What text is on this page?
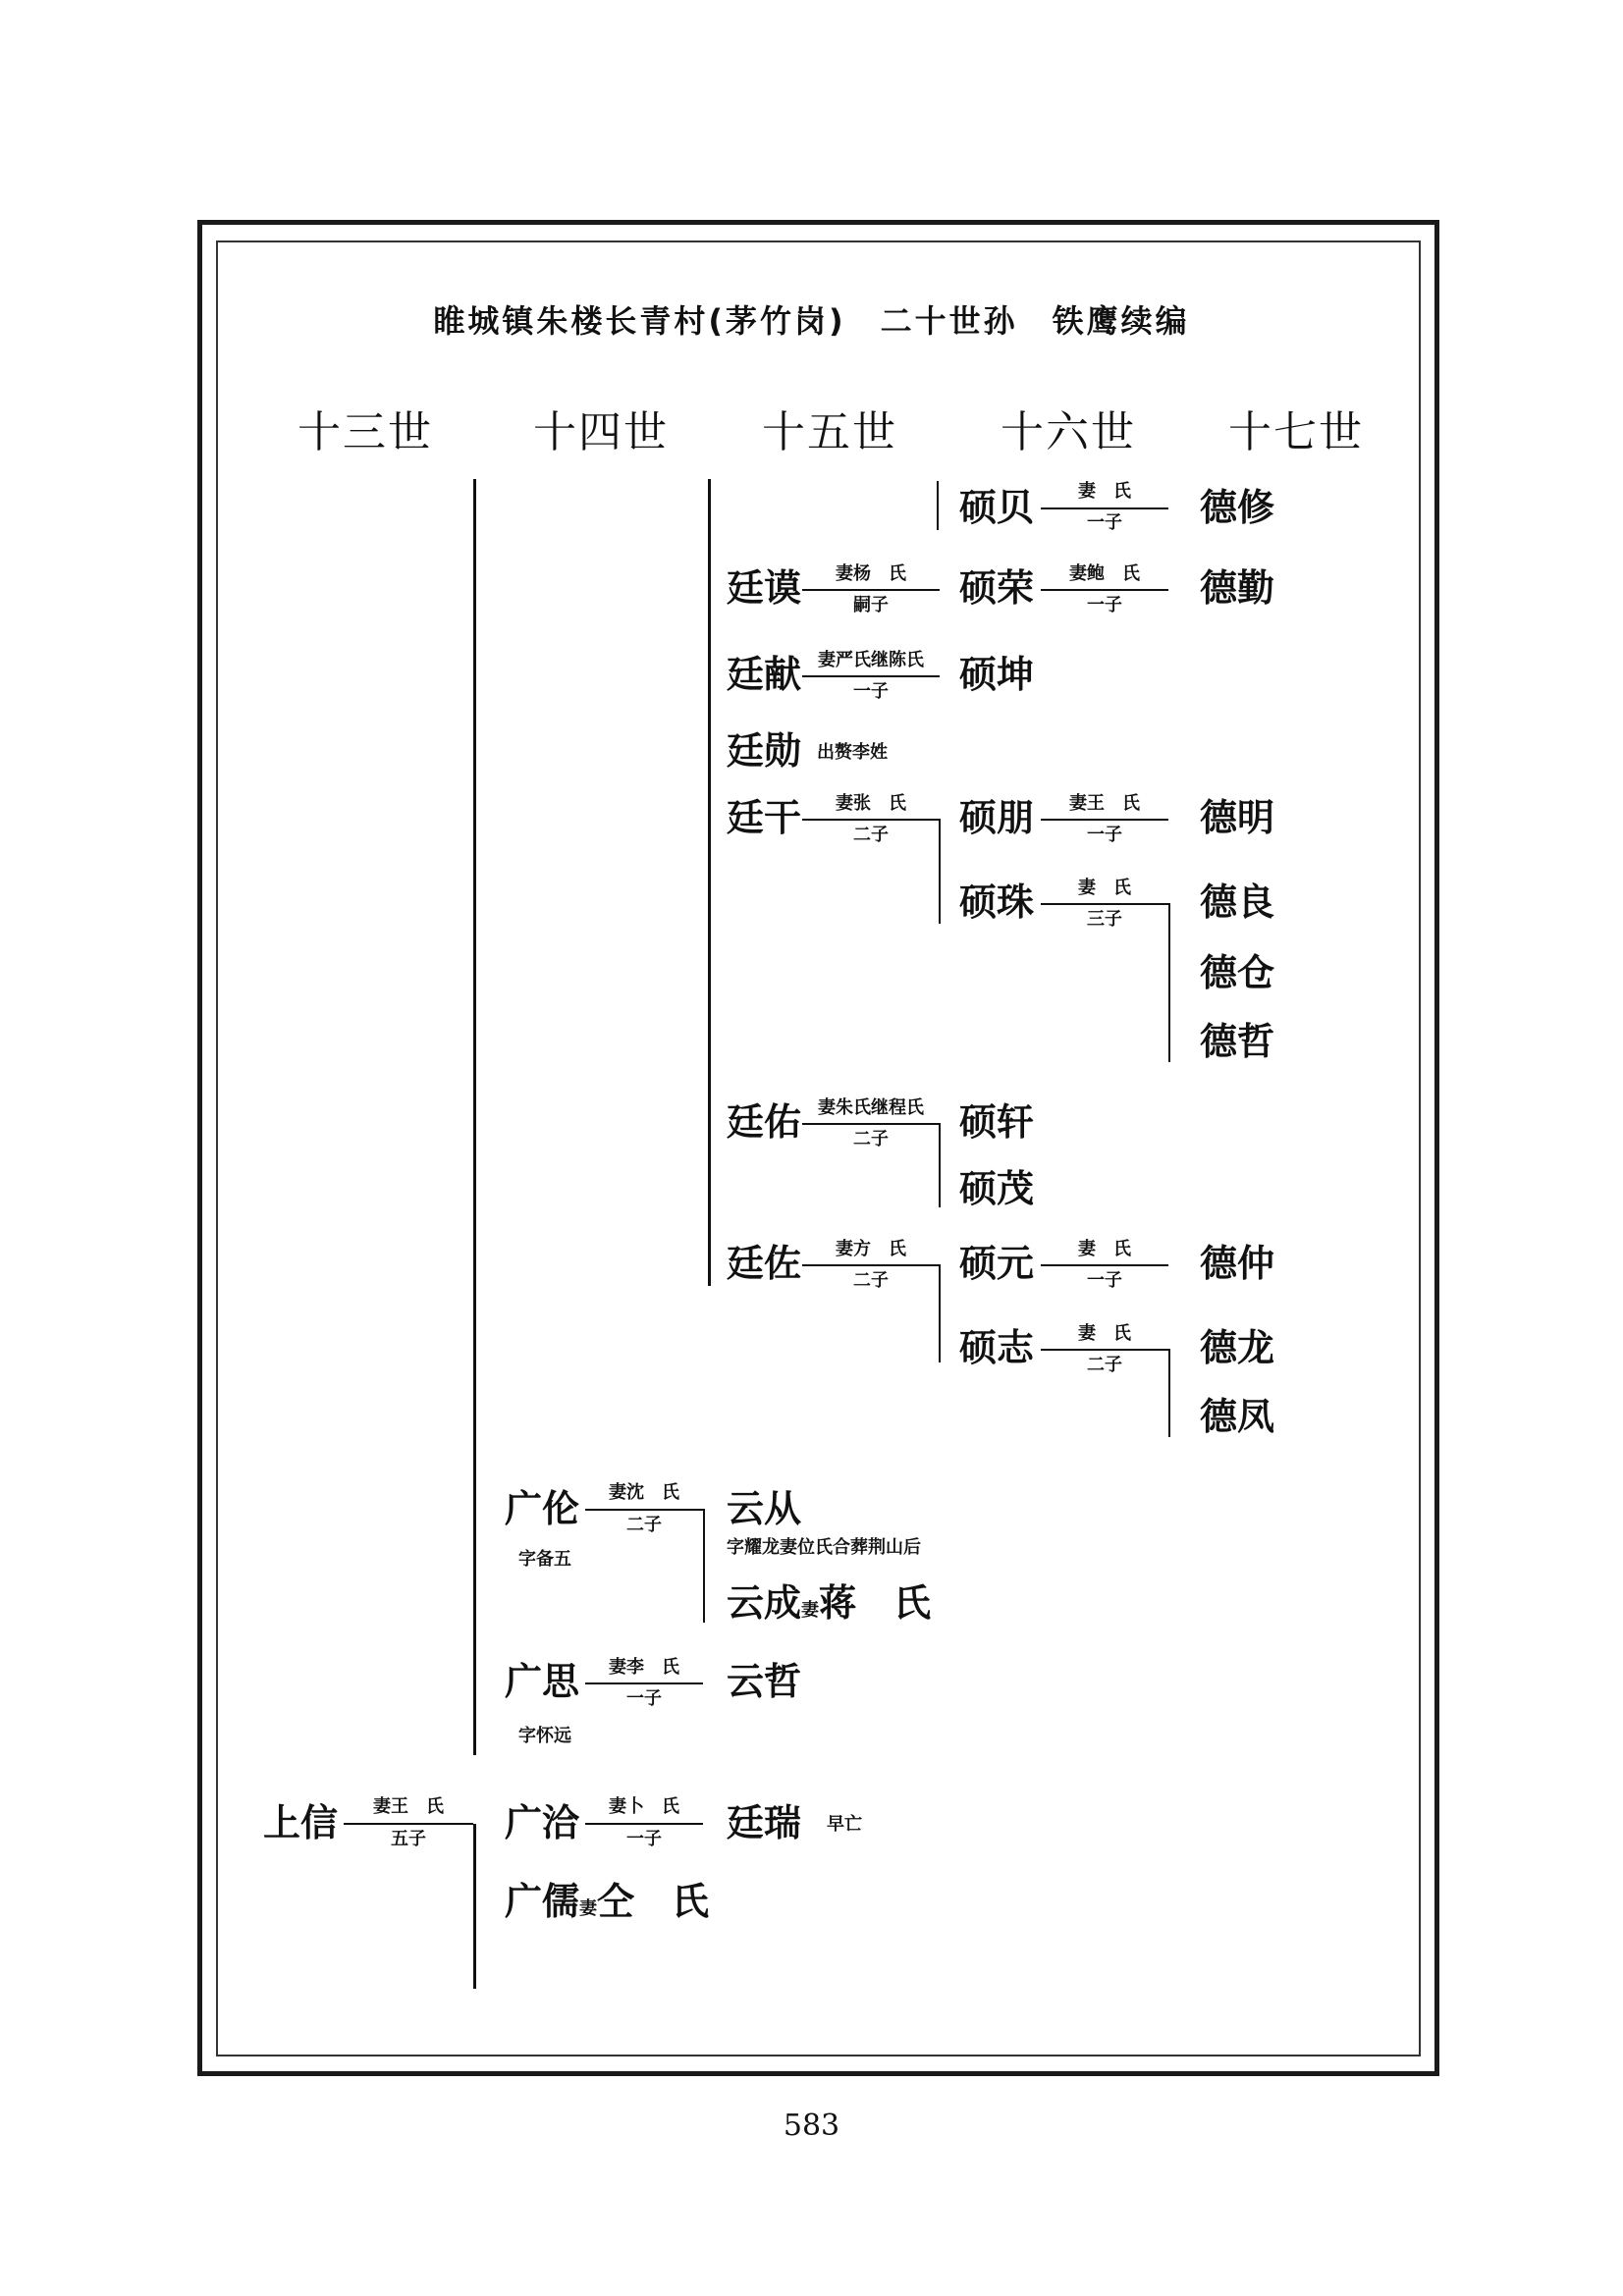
睢城镇朱楼长青村(茅竹岗)　二十世孙　铁鹰续编
十三世	十四世	十五世	十六世	十七世
硕贝	妻　氏
一子	德修
廷谟	妻杨　氏
嗣子	硕荣	妻鲍　氏
一子	德勤
廷献 妻严氏继陈氏
一子	硕坤
廷勋 出赘李姓
廷干	妻张　氏
二子	硕朋	妻王　氏
一子	德明
硕珠	妻　氏
三子	德良
德仓
德哲
廷佑 妻朱氏继程氏
二子	硕轩
硕茂
廷佐	妻方　氏
二子	硕元	妻　氏
一子	德仲
硕志	妻　氏
二子	德龙
德凤
广伦
字备五
妻沈　氏
二子	云从
字耀龙妻位氏合葬荆山后
云成妻蒋　氏
广思
字怀远
妻李　氏
一子	云哲
上信	妻王　氏
五子	广洽	妻卜　氏
一子	廷瑞 早亡
广儒妻仝　氏
583
